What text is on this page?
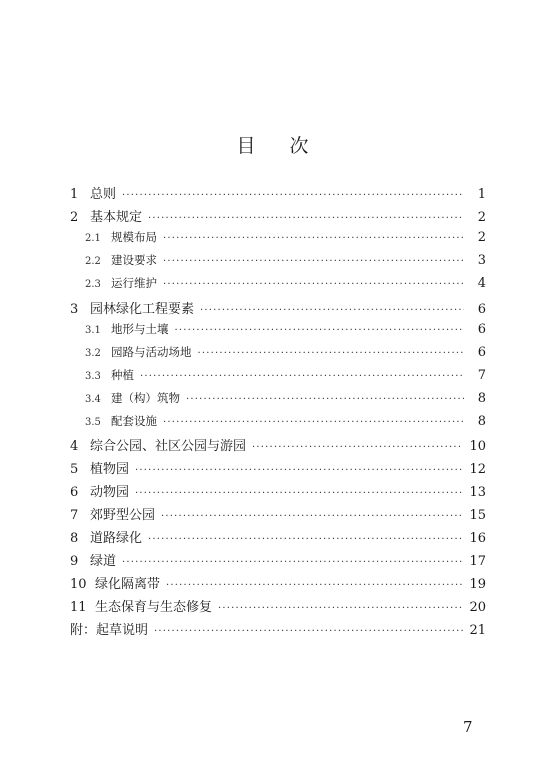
目 次
1 总则 ·····	1
2 基本规定 ·····	2
2.1 规模布局 ·····	2
2.2 建设要求 ·····	3
2.3 运行维护 ·····	4
3 园林绿化工程要素 ·····	6
3.1 地形与土壤 ·····	6
3.2 园路与活动场地 ·····	6
3.3 种植 ·····	7
3.4 建（构）筑物 ·····	8
3.5 配套设施 ·····	8
4 综合公园、社区公园与游园 ·····	10
5 植物园 ·····	12
6 动物园 ·····	13
7 郊野型公园 ·····	15
8 道路绿化 ·····	16
9 绿道 ·····	17
10 绿化隔离带 ·····	19
11 生态保育与生态修复 ·····	20
附： 起草说明 ·····	21
7
